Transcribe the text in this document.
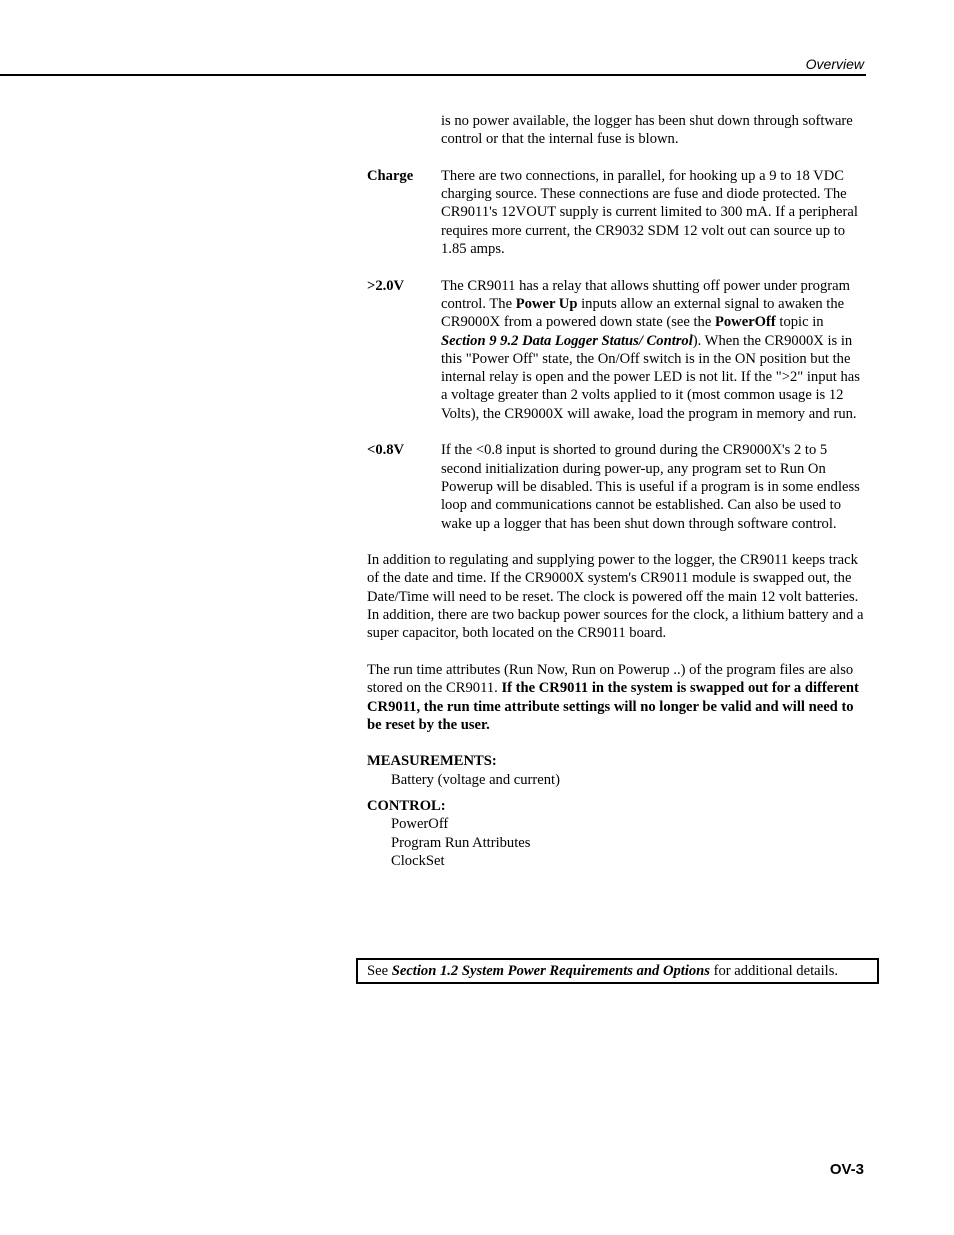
Overview
is no power available, the logger has been shut down through software control or that the internal fuse is blown.
Charge	There are two connections, in parallel, for hooking up a 9 to 18 VDC charging source. These connections are fuse and diode protected. The CR9011's 12VOUT supply is current limited to 300 mA. If a peripheral requires more current, the CR9032 SDM 12 volt out can source up to 1.85 amps.
>2.0V	The CR9011 has a relay that allows shutting off power under program control. The Power Up inputs allow an external signal to awaken the CR9000X from a powered down state (see the PowerOff topic in Section 9 9.2 Data Logger Status/ Control). When the CR9000X is in this "Power Off" state, the On/Off switch is in the ON position but the internal relay is open and the power LED is not lit. If the ">2" input has a voltage greater than 2 volts applied to it (most common usage is 12 Volts), the CR9000X will awake, load the program in memory and run.
<0.8V	If the <0.8 input is shorted to ground during the CR9000X's 2 to 5 second initialization during power-up, any program set to Run On Powerup will be disabled. This is useful if a program is in some endless loop and communications cannot be established. Can also be used to wake up a logger that has been shut down through software control.

In addition to regulating and supplying power to the logger, the CR9011 keeps track of the date and time. If the CR9000X system's CR9011 module is swapped out, the Date/Time will need to be reset. The clock is powered off the main 12 volt batteries. In addition, there are two backup power sources for the clock, a lithium battery and a super capacitor, both located on the CR9011 board.

The run time attributes (Run Now, Run on Powerup ..) of the program files are also stored on the CR9011. If the CR9011 in the system is swapped out for a different CR9011, the run time attribute settings will no longer be valid and will need to be reset by the user.

MEASUREMENTS:
Battery (voltage and current)
CONTROL:
PowerOff
Program Run Attributes
ClockSet
See Section 1.2 System Power Requirements and Options for additional details.
OV-3
